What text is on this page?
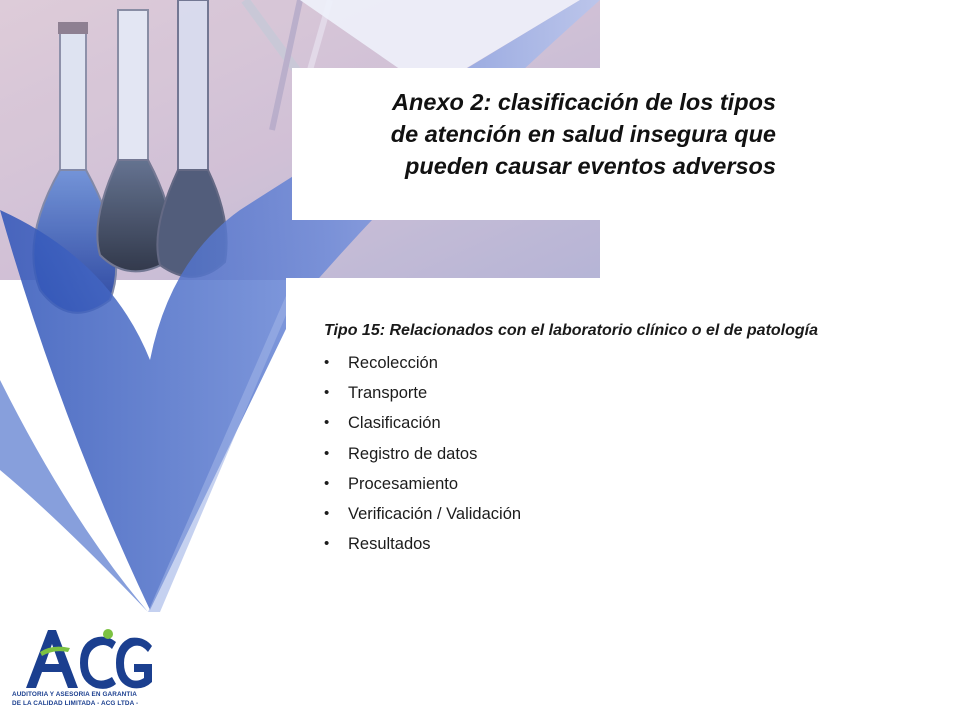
Anexo 2: clasificación de los tipos
de atención en salud insegura que
pueden causar eventos adversos
Tipo 15: Relacionados con el laboratorio clínico o el de patología
• Recolección
• Transporte
• Clasificación
• Registro de datos
• Procesamiento
• Verificación / Validación
• Resultados
AUDITORIA Y ASESORIA EN GARANTIA
DE LA CALIDAD LIMITADA - ACG LTDA -
